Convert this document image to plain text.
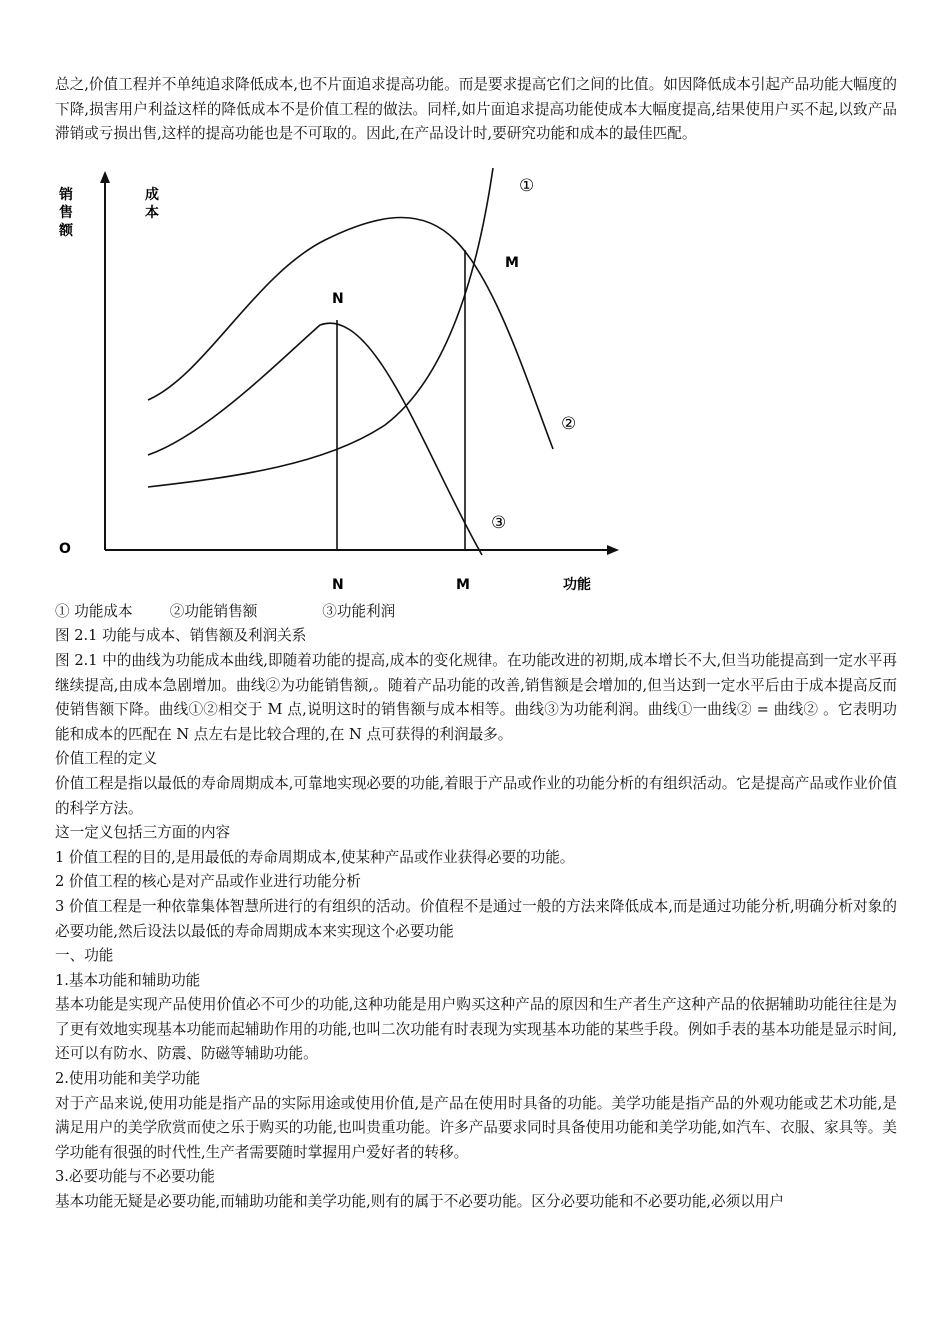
总之,价值工程并不单纯追求降低成本,也不片面追求提高功能。而是要求提高它们之间的比值。如因降低成本引起产品功能大幅度的下降,损害用户利益这样的降低成本不是价值工程的做法。同样,如片面追求提高功能使成本大幅度提高,结果使用户买不起,以致产品滞销或亏损出售,这样的提高功能也是不可取的。因此,在产品设计时,要研究功能和成本的最佳匹配。

销
售
额
成
本
O
N	M	功能
N
M
①
②
③

① 功能成本	②功能销售额	③功能利润

图 2.1 功能与成本、销售额及利润关系

图 2.1 中的曲线为功能成本曲线,即随着功能的提高,成本的变化规律。在功能改进的初期,成本增长不大,但当功能提高到一定水平再继续提高,由成本急剧增加。曲线②为功能销售额,。随着产品功能的改善,销售额是会增加的,但当达到一定水平后由于成本提高反而使销售额下降。曲线①②相交于 M 点,说明这时的销售额与成本相等。曲线③为功能利润。曲线①一曲线② = 曲线② 。它表明功能和成本的匹配在 N 点左右是比较合理的,在 N 点可获得的利润最多。

价值工程的定义

价值工程是指以最低的寿命周期成本,可靠地实现必要的功能,着眼于产品或作业的功能分析的有组织活动。它是提高产品或作业价值的科学方法。

这一定义包括三方面的内容

1 价值工程的目的,是用最低的寿命周期成本,使某种产品或作业获得必要的功能。

2 价值工程的核心是对产品或作业进行功能分析

3 价值工程是一种依靠集体智慧所进行的有组织的活动。价值程不是通过一般的方法来降低成本,而是通过功能分析,明确分析对象的必要功能,然后设法以最低的寿命周期成本来实现这个必要功能

一、功能

1.基本功能和辅助功能

基本功能是实现产品使用价值必不可少的功能,这种功能是用户购买这种产品的原因和生产者生产这种产品的依据辅助功能往往是为了更有效地实现基本功能而起辅助作用的功能,也叫二次功能有时表现为实现基本功能的某些手段。例如手表的基本功能是显示时间,还可以有防水、防震、防磁等辅助功能。

2.使用功能和美学功能

对于产品来说,使用功能是指产品的实际用途或使用价值,是产品在使用时具备的功能。美学功能是指产品的外观功能或艺术功能,是满足用户的美学欣赏而使之乐于购买的功能,也叫贵重功能。许多产品要求同时具备使用功能和美学功能,如汽车、衣服、家具等。美学功能有很强的时代性,生产者需要随时掌握用户爱好者的转移。

3.必要功能与不必要功能

基本功能无疑是必要功能,而辅助功能和美学功能,则有的属于不必要功能。区分必要功能和不必要功能,必须以用户
